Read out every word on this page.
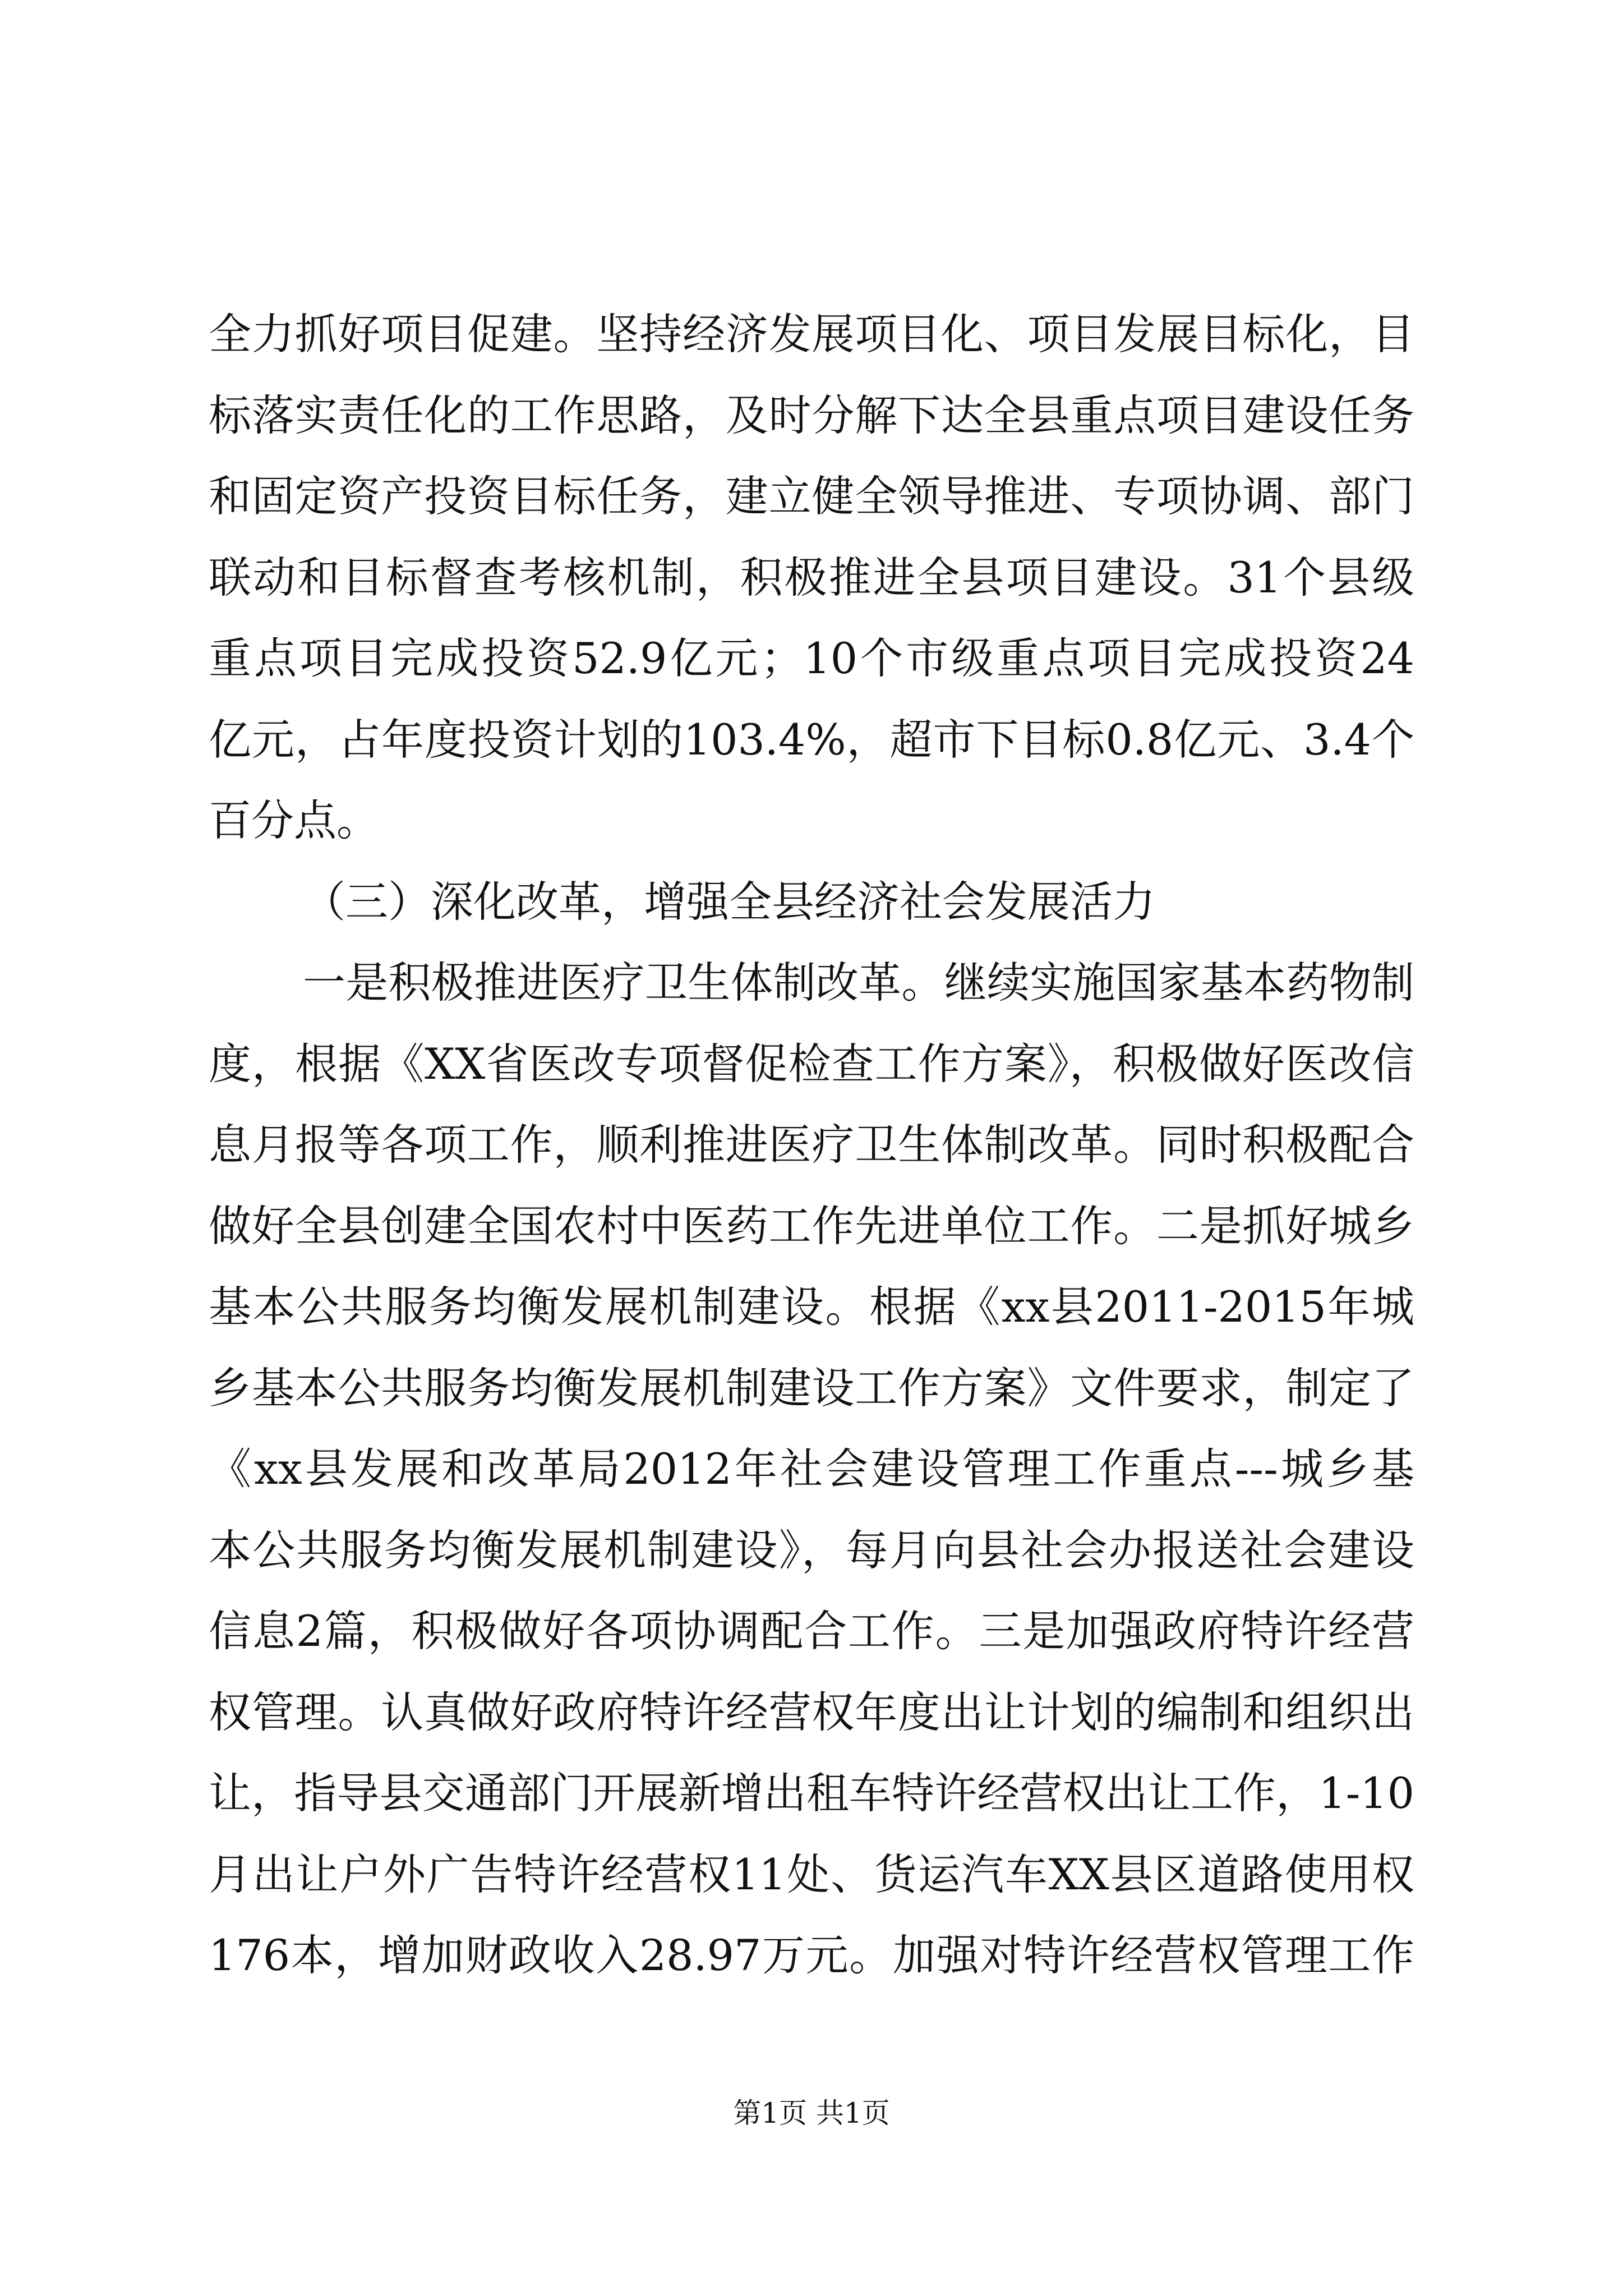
全力抓好项目促建。坚持经济发展项目化、项目发展目标化，目
标落实责任化的工作思路，及时分解下达全县重点项目建设任务
和固定资产投资目标任务，建立健全领导推进、专项协调、部门
联动和目标督查考核机制，积极推进全县项目建设。31个县级
重点项目完成投资52.9亿元；10个市级重点项目完成投资24
亿元，占年度投资计划的103.4%，超市下目标0.8亿元、3.4个
百分点。
（三）深化改革，增强全县经济社会发展活力
一是积极推进医疗卫生体制改革。继续实施国家基本药物制
度，根据《XX省医改专项督促检查工作方案》，积极做好医改信
息月报等各项工作，顺利推进医疗卫生体制改革。同时积极配合
做好全县创建全国农村中医药工作先进单位工作。二是抓好城乡
基本公共服务均衡发展机制建设。根据《xx县2011-2015年城
乡基本公共服务均衡发展机制建设工作方案》文件要求，制定了
《xx县发展和改革局2012年社会建设管理工作重点---城乡基
本公共服务均衡发展机制建设》，每月向县社会办报送社会建设
信息2篇，积极做好各项协调配合工作。三是加强政府特许经营
权管理。认真做好政府特许经营权年度出让计划的编制和组织出
让，指导县交通部门开展新增出租车特许经营权出让工作，1-10
月出让户外广告特许经营权11处、货运汽车XX县区道路使用权
176本，增加财政收入28.97万元。加强对特许经营权管理工作
第1页 共1页
